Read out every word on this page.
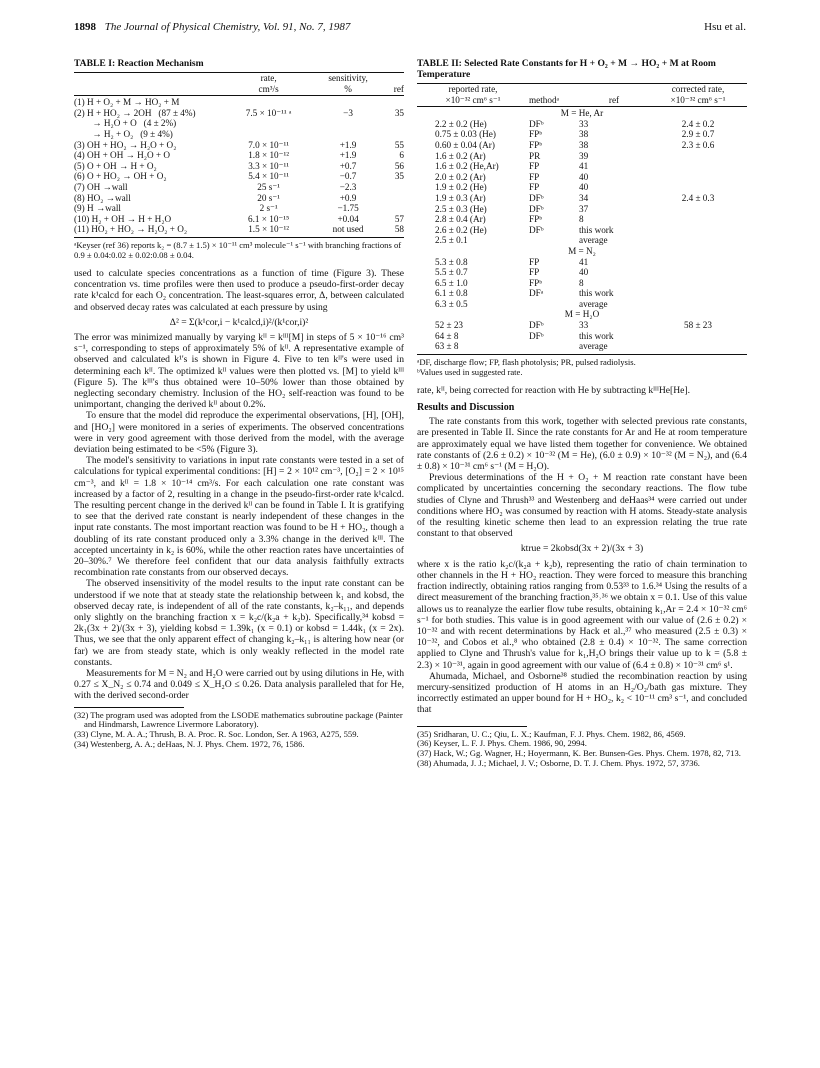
1898 The Journal of Physical Chemistry, Vol. 91, No. 7, 1987	Hsu et al.
TABLE I: Reaction Mechanism
	rate,	sensitivity,	
	cm³/s	%	ref

(1) H + O₂ + M → HO₂ + M			
(2) H + HO₂ → 2OH   (87 ± 4%)	7.5 × 10⁻¹¹ ᵃ	−3	35
→ H₂O + O   (4 ± 2%)			
→ H₂ + O₂   (9 ± 4%)			
(3) OH + HO₂ → H₂O + O₂	7.0 × 10⁻¹¹	+1.9	55
(4) OH + OH → H₂O + O	1.8 × 10⁻¹²	+1.9	6
(5) O + OH → H + O₂	3.3 × 10⁻¹¹	+0.7	56
(6) O + HO₂ → OH + O₂	5.4 × 10⁻¹¹	−0.7	35
(7) OH →wall	25 s⁻¹	−2.3	
(8) HO₂ →wall	20 s⁻¹	+0.9	
(9) H →wall	2 s⁻¹	−1.75	
(10) H₂ + OH → H + H₂O	6.1 × 10⁻¹⁵	+0.04	57
(11) HO₂ + HO₂ → H₂O₂ + O₂	1.5 × 10⁻¹²	not used	58
ᵃKeyser (ref 36) reports k₂ = (8.7 ± 1.5) × 10⁻¹¹ cm³ molecule⁻¹ s⁻¹ with branching fractions of 0.9 ± 0.04:0.02 ± 0.02:0.08 ± 0.04.

used to calculate species concentrations as a function of time (Figure 3). These concentration vs. time profiles were then used to produce a pseudo-first-order decay rate k¹calcd for each O₂ concentration. The least-squares error, Δ, between calculated and observed decay rates was calculated at each pressure by using

Δ² = Σ(k¹cor,i − k¹calcd,i)²/(k¹cor,i)²

The error was minimized manually by varying kᴵᴵ = kᴵᴵᴵ[M] in steps of 5 × 10⁻¹⁶ cm³ s⁻¹, corresponding to steps of approximately 5% of kᴵᴵ. A representative example of observed and calculated k¹'s is shown in Figure 4. Five to ten kᴵᴵ's were used in determining each kᴵᴵ. The optimized kᴵᴵ values were then plotted vs. [M] to yield kᴵᴵᴵ (Figure 5). The kᴵᴵᴵ's thus obtained were 10–50% lower than those obtained by neglecting secondary chemistry. Inclusion of the HO₂ self-reaction was found to be unimportant, changing the derived kᴵᴵ about 0.2%.

To ensure that the model did reproduce the experimental observations, [H], [OH], and [HO₂] were monitored in a series of experiments. The observed concentrations were in very good agreement with those derived from the model, with the average deviation being estimated to be <5% (Figure 3).

The model's sensitivity to variations in input rate constants were tested in a set of calculations for typical experimental conditions: [H] = 2 × 10¹² cm⁻³, [O₂] = 2 × 10¹⁵ cm⁻³, and kᴵᴵ = 1.8 × 10⁻¹⁴ cm³/s. For each calculation one rate constant was increased by a factor of 2, resulting in a change in the pseudo-first-order rate k¹calcd. The resulting percent change in the derived kᴵᴵ can be found in Table I. It is gratifying to see that the derived rate constant is nearly independent of these changes in the input rate constants. The most important reaction was found to be H + HO₂, though a doubling of its rate constant produced only a 3.3% change in the derived kᴵᴵᴵ. The accepted uncertainty in k₂ is 60%, while the other reaction rates have uncertainties of 20–30%.⁷ We therefore feel confident that our data analysis faithfully extracts recombination rate constants from our observed decays.

The observed insensitivity of the model results to the input rate constant can be understood if we note that at steady state the relationship between k₁ and kobsd, the observed decay rate, is independent of all of the rate constants, k₂–k₁₁, and depends only slightly on the branching fraction x = k₂c/(k₂a + k₂b). Specifically,³⁴ kobsd = 2k₁(3x + 2)/(3x + 3), yielding kobsd = 1.39k₁ (x = 0.1) or kobsd = 1.44k₁ (x = 2x). Thus, we see that the only apparent effect of changing k₂–k₁₁ is altering how near (or far) we are from steady state, which is only weakly reflected in the model rate constants.

Measurements for M = N₂ and H₂O were carried out by using dilutions in He, with 0.27 ≤ X_N₂ ≤ 0.74 and 0.049 ≤ X_H₂O ≤ 0.26. Data analysis paralleled that for He, with the derived second-order

(32) The program used was adopted from the LSODE mathematics subroutine package (Painter and Hindmarsh, Lawrence Livermore Laboratory).
(33) Clyne, M. A. A.; Thrush, B. A. Proc. R. Soc. London, Ser. A 1963, A275, 559.
(34) Westenberg, A. A.; deHaas, N. J. Phys. Chem. 1972, 76, 1586.
TABLE II: Selected Rate Constants for H + O₂ + M → HO₂ + M at Room Temperature
reported rate,			corrected rate,
×10⁻³² cm⁶ s⁻¹	methodᵃ	ref	×10⁻³² cm⁶ s⁻¹

M = He, Ar			
2.2 ± 0.2 (He)	DFᵇ	33	2.4 ± 0.2
0.75 ± 0.03 (He)	FPᵇ	38	2.9 ± 0.7
0.60 ± 0.04 (Ar)	FPᵇ	38	2.3 ± 0.6
1.6 ± 0.2 (Ar)	PR	39	
1.6 ± 0.2 (He,Ar)	FP	41	
2.0 ± 0.2 (Ar)	FP	40	
1.9 ± 0.2 (He)	FP	40	
1.9 ± 0.3 (Ar)	DFᵇ	34	2.4 ± 0.3
2.5 ± 0.3 (He)	DFᵇ	37	
2.8 ± 0.4 (Ar)	FPᵇ	8	
2.6 ± 0.2 (He)	DFᵇ	this work	
2.5 ± 0.1		average	
M = N₂			
5.3 ± 0.8	FP	41	
5.5 ± 0.7	FP	40	
6.5 ± 1.0	FPᵇ	8	
6.1 ± 0.8	DFᵃ	this work	
6.3 ± 0.5		average	
M = H₂O			
52 ± 23	DFᵇ	33	58 ± 23
64 ± 8	DFᵇ	this work	
63 ± 8		average	
ᵃDF, discharge flow; FP, flash photolysis; PR, pulsed radiolysis.
ᵇValues used in suggested rate.

rate, kᴵᴵ, being corrected for reaction with He by subtracting kᴵᴵᴵHe[He].

Results and Discussion

The rate constants from this work, together with selected previous rate constants, are presented in Table II. Since the rate constants for Ar and He at room temperature are approximately equal we have listed them together for convenience. We obtained rate constants of (2.6 ± 0.2) × 10⁻³² (M = He), (6.0 ± 0.9) × 10⁻³² (M = N₂), and (6.4 ± 0.8) × 10⁻³¹ cm⁶ s⁻¹ (M = H₂O).

Previous determinations of the H + O₂ + M reaction rate constant have been complicated by uncertainties concerning the secondary reactions. The flow tube studies of Clyne and Thrush³³ and Westenberg and deHaas³⁴ were carried out under conditions where HO₂ was consumed by reaction with H atoms. Steady-state analysis of the resulting kinetic scheme then lead to an expression relating the true rate constant to that observed

ktrue = 2kobsd(3x + 2)/(3x + 3)

where x is the ratio k₂c/(k₂a + k₂b), representing the ratio of chain termination to other channels in the H + HO₂ reaction. They were forced to measure this branching fraction indirectly, obtaining ratios ranging from 0.53³³ to 1.6.³⁴ Using the results of a direct measurement of the branching fraction,³⁵˒³⁶ we obtain x = 0.1. Use of this value allows us to reanalyze the earlier flow tube results, obtaining k₁,Ar = 2.4 × 10⁻³² cm⁶ s⁻¹ for both studies. This value is in good agreement with our value of (2.6 ± 0.2) × 10⁻³² and with recent determinations by Hack et al.,³⁷ who measured (2.5 ± 0.3) × 10⁻³², and Cobos et al.,⁸ who obtained (2.8 ± 0.4) × 10⁻³². The same correction applied to Clyne and Thrush's value for k₁,H₂O brings their value up to k = (5.8 ± 2.3) × 10⁻³¹, again in good agreement with our value of (6.4 ± 0.8) × 10⁻³¹ cm⁶ s¹.

Ahumada, Michael, and Osborne³⁸ studied the recombination reaction by using mercury-sensitized production of H atoms in an H₂/O₂/bath gas mixture. They incorrectly estimated an upper bound for H + HO₂, k₂ < 10⁻¹¹ cm³ s⁻¹, and concluded that

(35) Sridharan, U. C.; Qiu, L. X.; Kaufman, F. J. Phys. Chem. 1982, 86, 4569.
(36) Keyser, L. F. J. Phys. Chem. 1986, 90, 2994.
(37) Hack, W.; Gg. Wagner, H.; Hoyermann, K. Ber. Bunsen-Ges. Phys. Chem. 1978, 82, 713.
(38) Ahumada, J. J.; Michael, J. V.; Osborne, D. T. J. Chem. Phys. 1972, 57, 3736.
